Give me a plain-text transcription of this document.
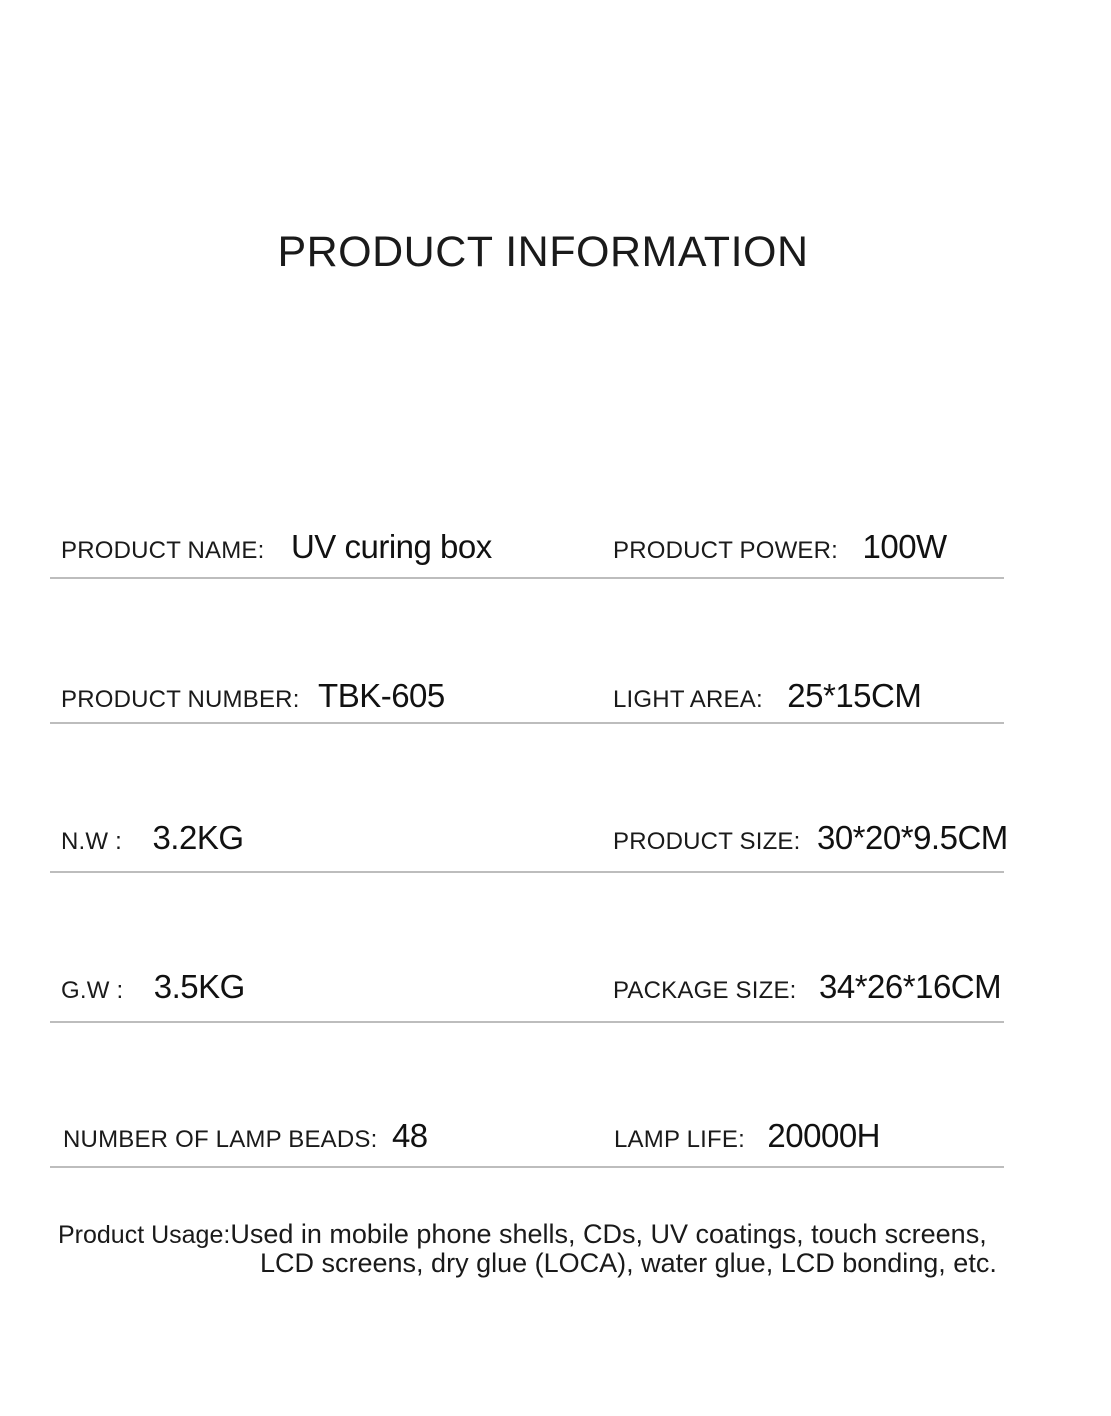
PRODUCT INFORMATION
PRODUCT NAME: UV curing box	PRODUCT POWER: 100W
PRODUCT NUMBER: TBK-605	LIGHT AREA: 25*15CM
N.W : 3.2KG	PRODUCT SIZE: 30*20*9.5CM
G.W : 3.5KG	PACKAGE SIZE: 34*26*16CM
NUMBER OF LAMP BEADS: 48	LAMP LIFE: 20000H
Product Usage:Used in mobile phone shells, CDs, UV coatings, touch screens,
LCD screens, dry glue (LOCA), water glue, LCD bonding, etc.
